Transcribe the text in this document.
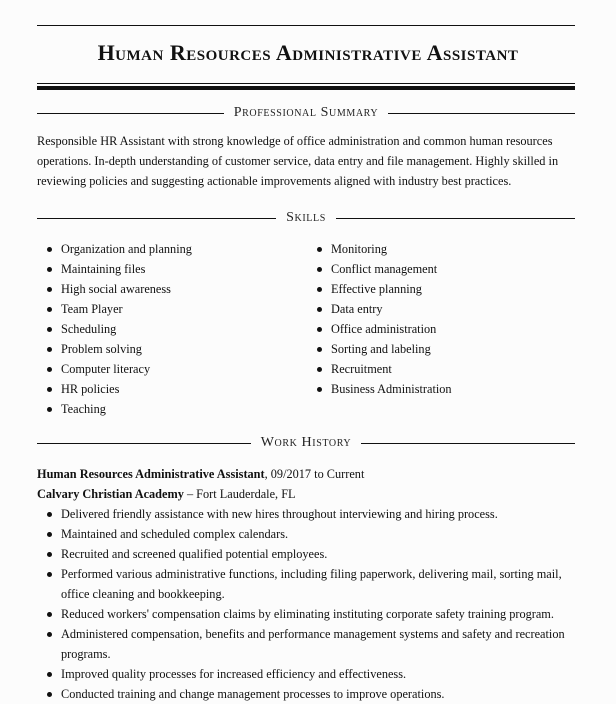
Human Resources Administrative Assistant
Professional Summary
Responsible HR Assistant with strong knowledge of office administration and common human resources operations. In-depth understanding of customer service, data entry and file management. Highly skilled in reviewing policies and suggesting actionable improvements aligned with industry best practices.
Skills
Organization and planning
Maintaining files
High social awareness
Team Player
Scheduling
Problem solving
Computer literacy
HR policies
Teaching
Monitoring
Conflict management
Effective planning
Data entry
Office administration
Sorting and labeling
Recruitment
Business Administration
Work History
Human Resources Administrative Assistant, 09/2017 to Current
Calvary Christian Academy – Fort Lauderdale, FL
Delivered friendly assistance with new hires throughout interviewing and hiring process.
Maintained and scheduled complex calendars.
Recruited and screened qualified potential employees.
Performed various administrative functions, including filing paperwork, delivering mail, sorting mail, office cleaning and bookkeeping.
Reduced workers' compensation claims by eliminating instituting corporate safety training program.
Administered compensation, benefits and performance management systems and safety and recreation programs.
Improved quality processes for increased efficiency and effectiveness.
Conducted training and change management processes to improve operations.
